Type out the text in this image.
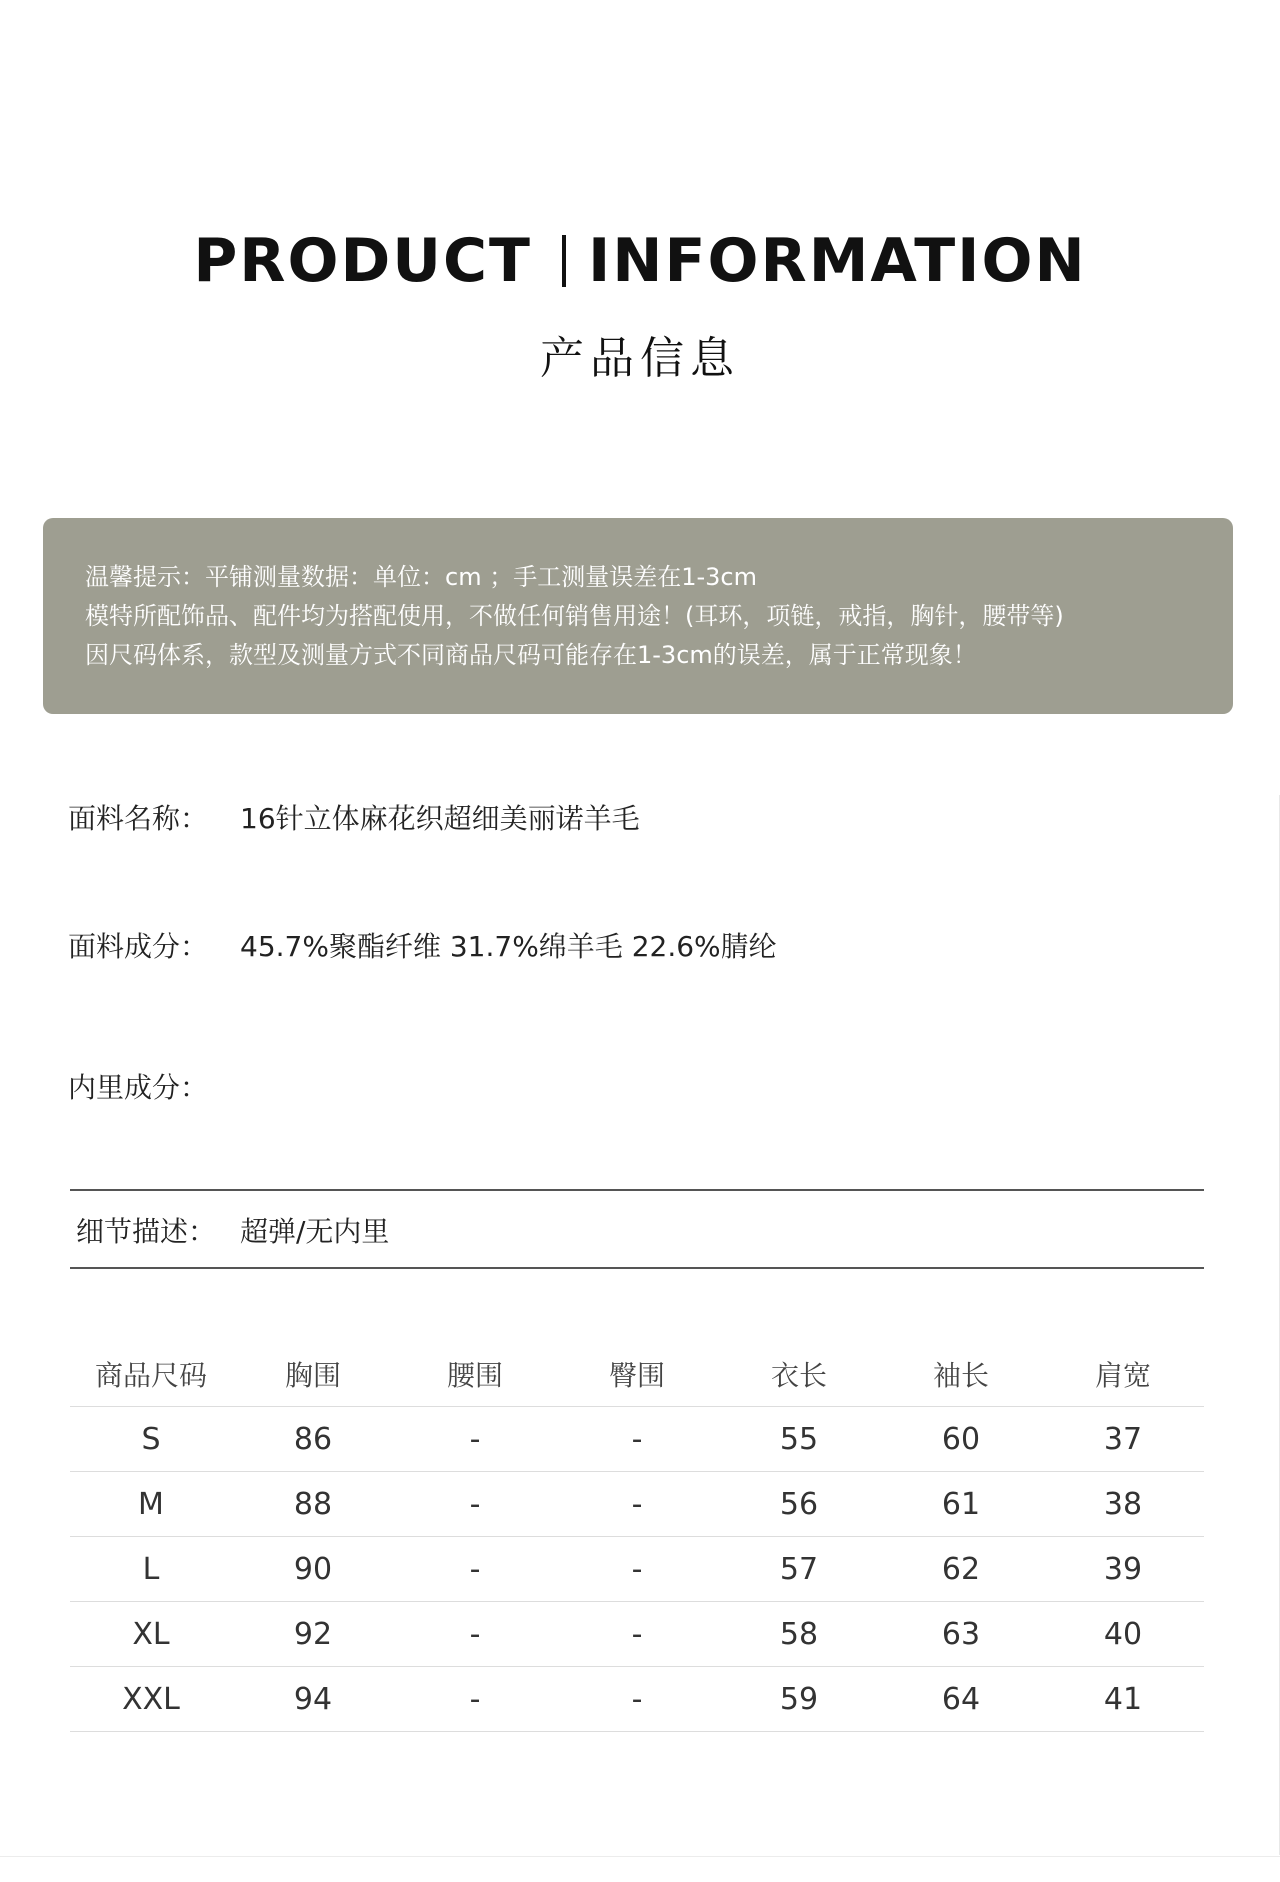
PRODUCT INFORMATION
产品信息
温馨提示：平铺测量数据：单位：cm ；手工测量误差在1-3cm
模特所配饰品、配件均为搭配使用，不做任何销售用途！(耳环，项链，戒指，胸针，腰带等)
因尺码体系，款型及测量方式不同商品尺码可能存在1-3cm的误差，属于正常现象！
面料名称： 16针立体麻花织超细美丽诺羊毛
面料成分： 45.7%聚酯纤维 31.7%绵羊毛 22.6%腈纶
内里成分：
细节描述： 超弹/无内里
商品尺码	胸围	腰围	臀围	衣长	袖长	肩宽
S	86	-	-	55	60	37
M	88	-	-	56	61	38
L	90	-	-	57	62	39
XL	92	-	-	58	63	40
XXL	94	-	-	59	64	41
